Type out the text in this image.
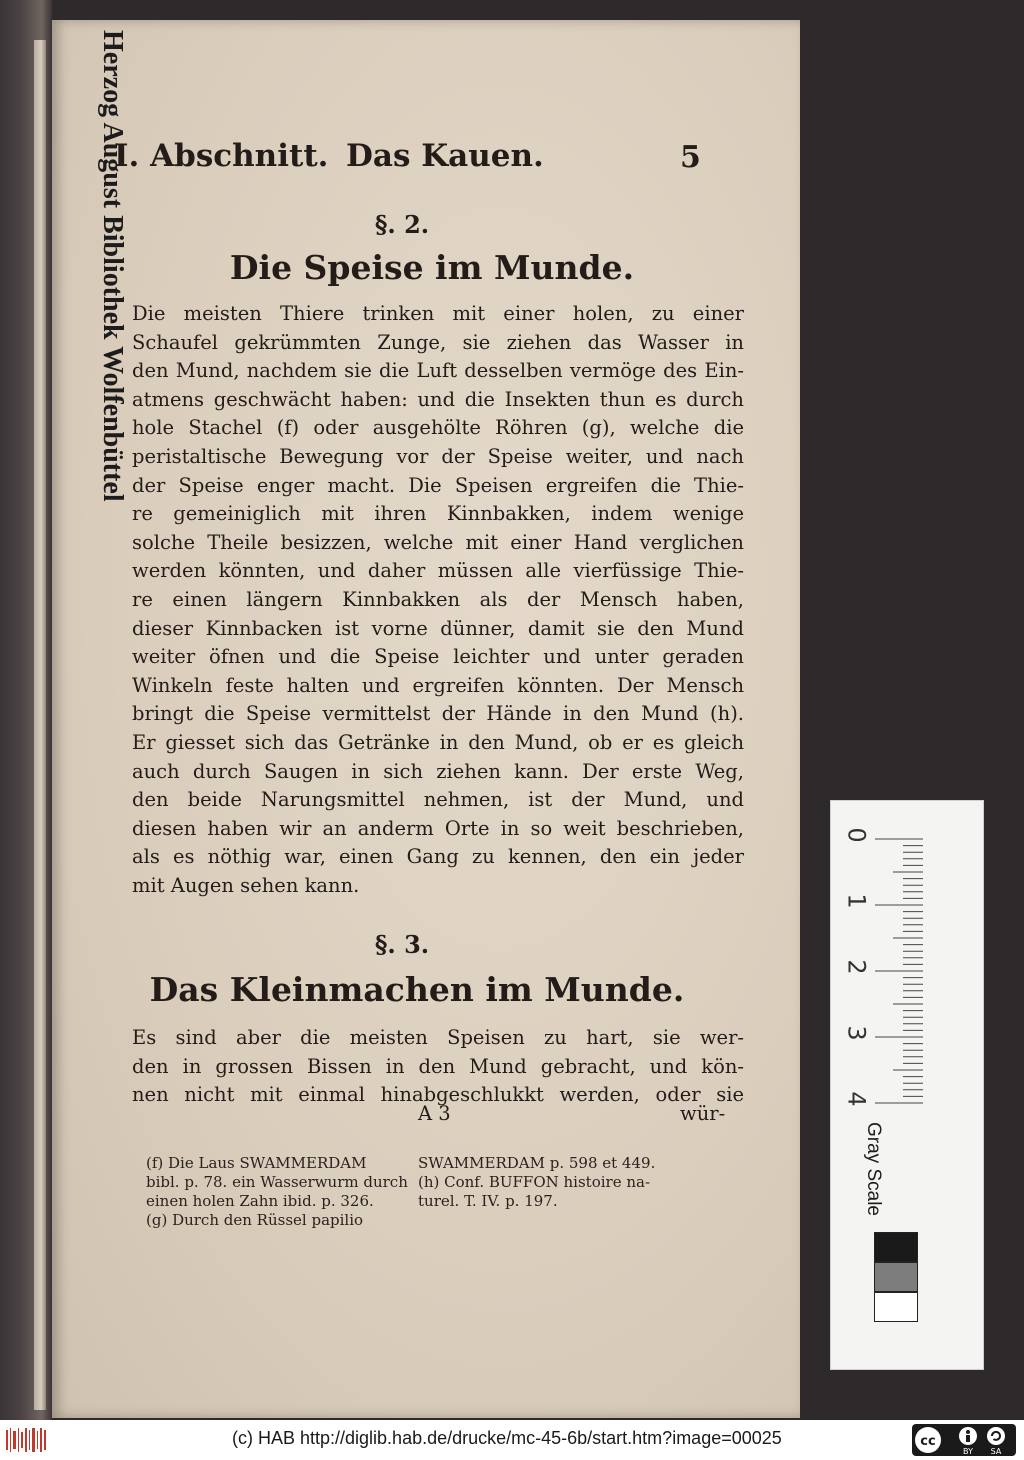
I. Abschnitt. Das Kauen.	5
§. 2.
Die Speise im Munde.
Die meisten Thiere trinken mit einer holen, zu einer
Schaufel gekrümmten Zunge, sie ziehen das Wasser in
den Mund, nachdem sie die Luft desselben vermöge des Ein-
atmens geschwächt haben: und die Insekten thun es durch
hole Stachel (f) oder ausgehölte Röhren (g), welche die
peristaltische Bewegung vor der Speise weiter, und nach
der Speise enger macht. Die Speisen ergreifen die Thie-
re gemeiniglich mit ihren Kinnbakken, indem wenige
solche Theile besizzen, welche mit einer Hand verglichen
werden könnten, und daher müssen alle vierfüssige Thie-
re einen längern Kinnbakken als der Mensch haben,
dieser Kinnbacken ist vorne dünner, damit sie den Mund
weiter öfnen und die Speise leichter und unter geraden
Winkeln feste halten und ergreifen könnten. Der Mensch
bringt die Speise vermittelst der Hände in den Mund (h).
Er giesset sich das Getränke in den Mund, ob er es gleich
auch durch Saugen in sich ziehen kann. Der erste Weg,
den beide Narungsmittel nehmen, ist der Mund, und
diesen haben wir an anderm Orte in so weit beschrieben,
als es nöthig war, einen Gang zu kennen, den ein jeder
mit Augen sehen kann.
§. 3.
Das Kleinmachen im Munde.
Es sind aber die meisten Speisen zu hart, sie wer-
den in grossen Bissen in den Mund gebracht, und kön-
nen nicht mit einmal hinabgeschlukkt werden, oder sie
A 3	wür-
(f) Die Laus SWAMMERDAM
bibl. p. 78. ein Wasserwurm durch
einen holen Zahn ibid. p. 326.
(g) Durch den Rüssel papilio
SWAMMERDAM p. 598 et 449.
(h) Conf. BUFFON histoire na-
turel. T. IV. p. 197.
0
1
2
3
4
Herzog August Bibliothek Wolfenbüttel
Gray Scale
(c) HAB http://diglib.hab.de/drucke/mc-45-6b/start.htm?image=00025	cc
BY SA
